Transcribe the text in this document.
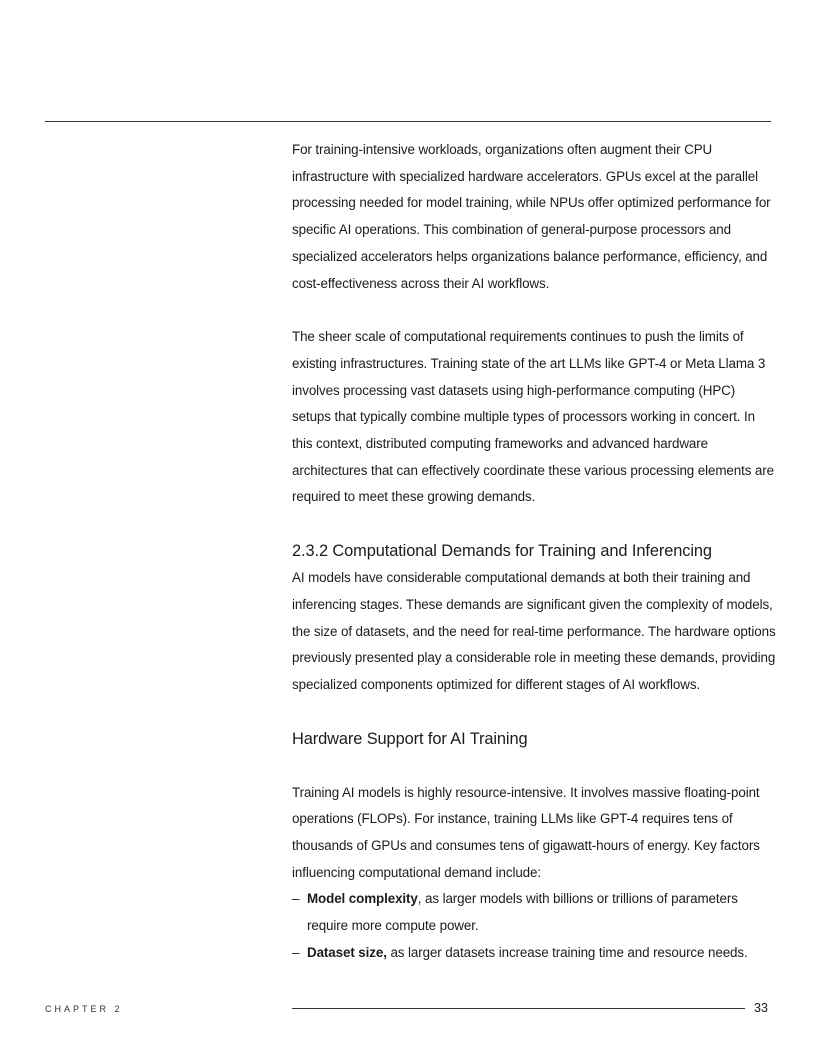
For training-intensive workloads, organizations often augment their CPU infrastructure with specialized hardware accelerators. GPUs excel at the parallel processing needed for model training, while NPUs offer optimized performance for specific AI operations. This combination of general-purpose processors and specialized accelerators helps organizations balance performance, efficiency, and cost-effectiveness across their AI workflows.

The sheer scale of computational requirements continues to push the limits of existing infrastructures. Training state of the art LLMs like GPT-4 or Meta Llama 3 involves processing vast datasets using high-performance computing (HPC) setups that typically combine multiple types of processors working in concert. In this context, distributed computing frameworks and advanced hardware architectures that can effectively coordinate these various processing elements are required to meet these growing demands.

2.3.2 Computational Demands for Training and Inferencing

AI models have considerable computational demands at both their training and inferencing stages. These demands are significant given the complexity of models, the size of datasets, and the need for real-time performance. The hardware options previously presented play a considerable role in meeting these demands, providing specialized components optimized for different stages of AI workflows.

Hardware Support for AI Training

Training AI models is highly resource-intensive. It involves massive floating-point operations (FLOPs). For instance, training LLMs like GPT-4 requires tens of thousands of GPUs and consumes tens of gigawatt-hours of energy. Key factors influencing computational demand include:

– Model complexity, as larger models with billions or trillions of parameters require more compute power.
– Dataset size, as larger datasets increase training time and resource needs.
CHAPTER 2	33
